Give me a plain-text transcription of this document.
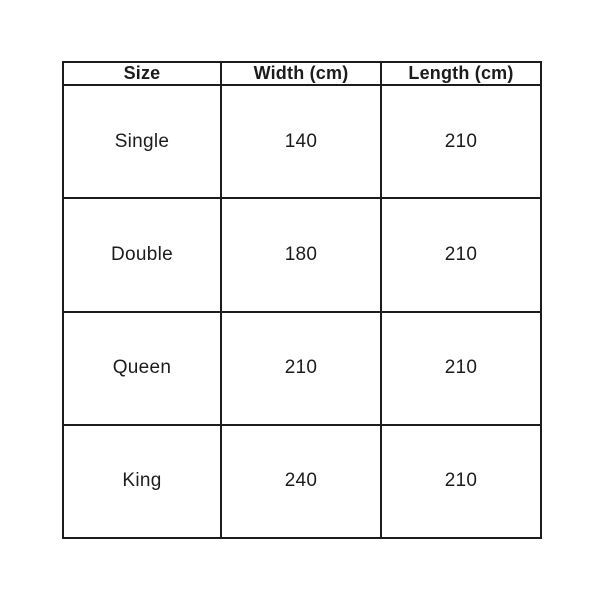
Size	Width (cm)	Length (cm)
Single	140	210
Double	180	210
Queen	210	210
King	240	210
